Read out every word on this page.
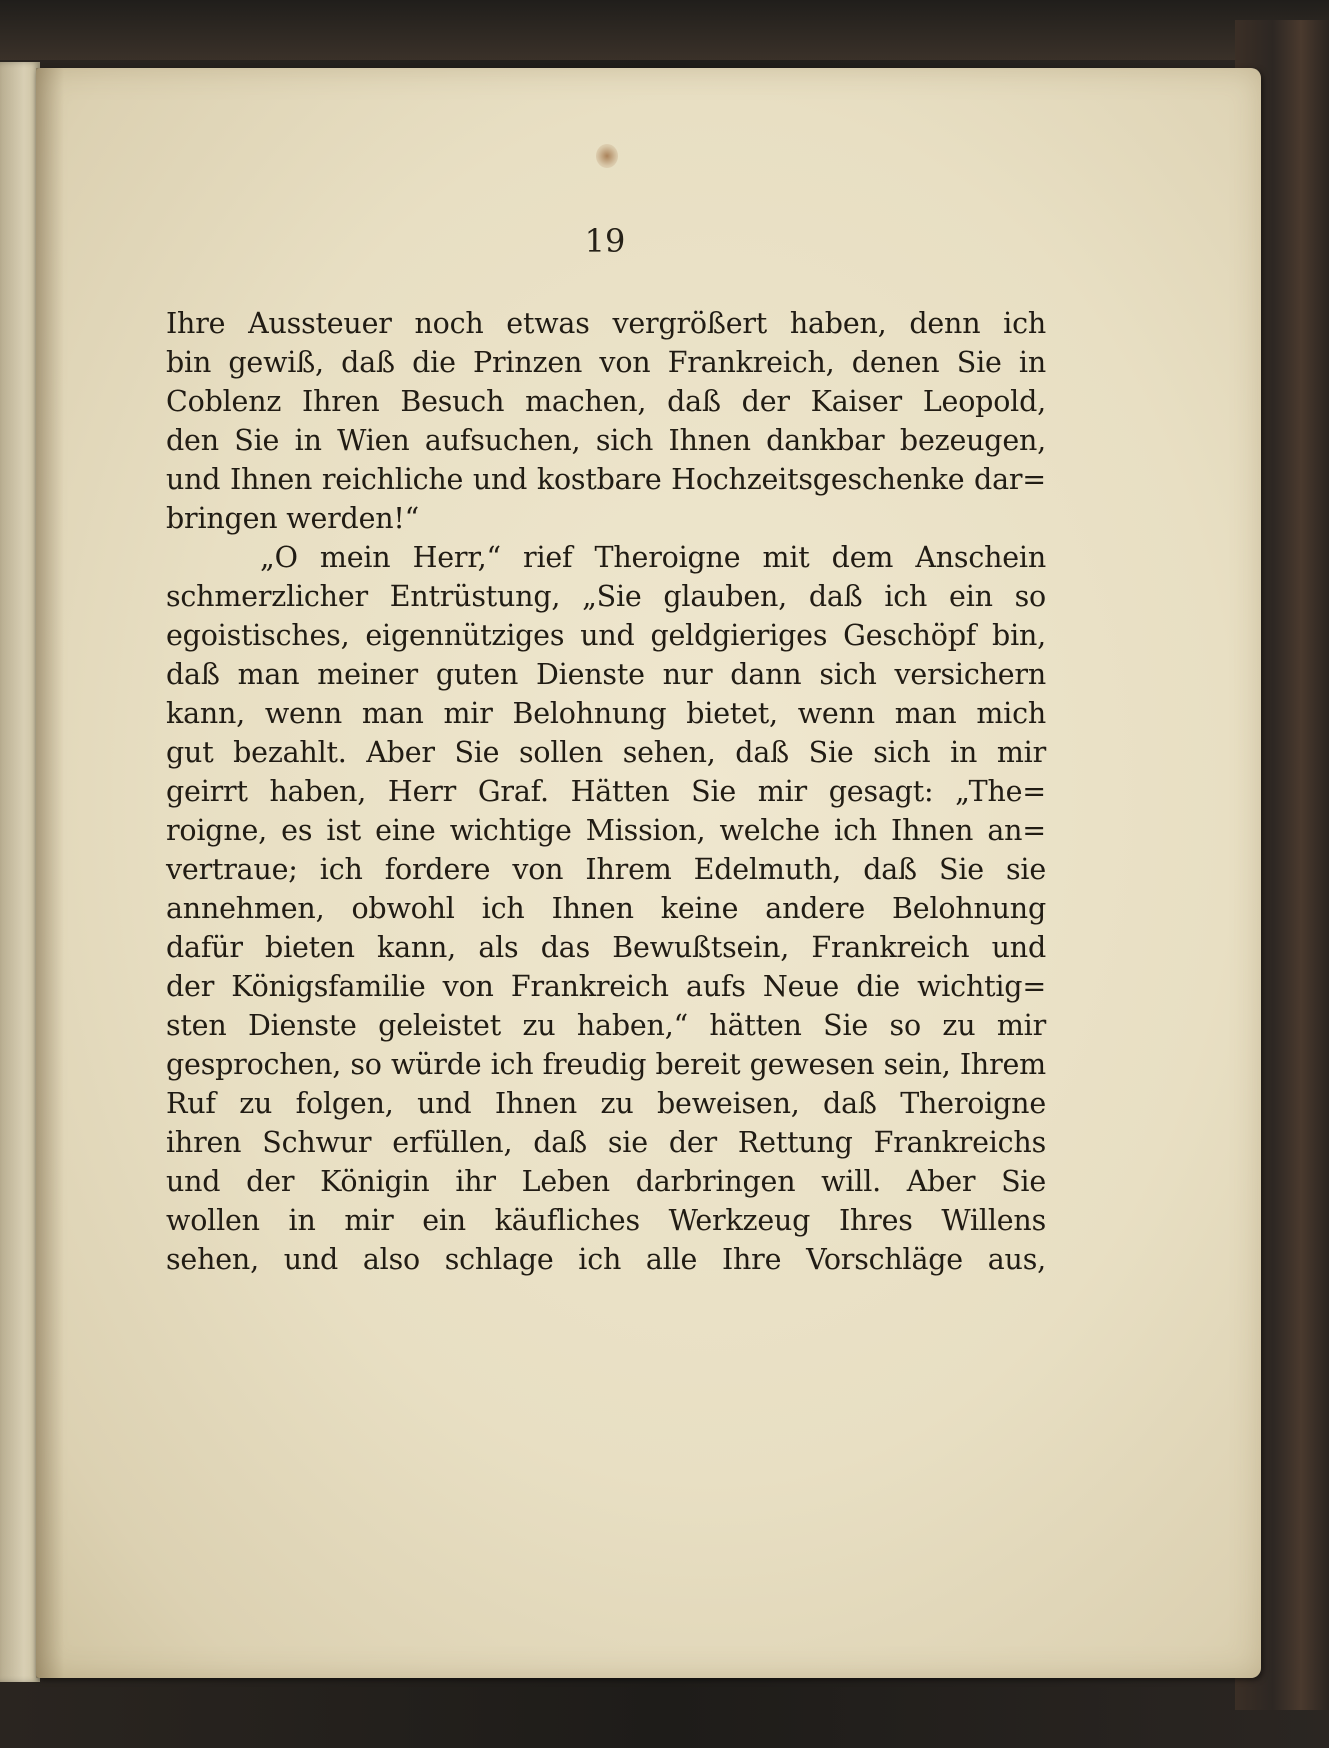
19
Ihre Aussteuer noch etwas vergrößert haben, denn ich
bin gewiß, daß die Prinzen von Frankreich, denen Sie in
Coblenz Ihren Besuch machen, daß der Kaiser Leopold,
den Sie in Wien aufsuchen, sich Ihnen dankbar bezeugen,
und Ihnen reichliche und kostbare Hochzeitsgeschenke dar=
bringen werden!“
„O mein Herr,“ rief Theroigne mit dem Anschein
schmerzlicher Entrüstung, „Sie glauben, daß ich ein so
egoistisches, eigennütziges und geldgieriges Geschöpf bin,
daß man meiner guten Dienste nur dann sich versichern
kann, wenn man mir Belohnung bietet, wenn man mich
gut bezahlt. Aber Sie sollen sehen, daß Sie sich in mir
geirrt haben, Herr Graf. Hätten Sie mir gesagt: „The=
roigne, es ist eine wichtige Mission, welche ich Ihnen an=
vertraue; ich fordere von Ihrem Edelmuth, daß Sie sie
annehmen, obwohl ich Ihnen keine andere Belohnung
dafür bieten kann, als das Bewußtsein, Frankreich und
der Königsfamilie von Frankreich aufs Neue die wichtig=
sten Dienste geleistet zu haben,“ hätten Sie so zu mir
gesprochen, so würde ich freudig bereit gewesen sein, Ihrem
Ruf zu folgen, und Ihnen zu beweisen, daß Theroigne
ihren Schwur erfüllen, daß sie der Rettung Frankreichs
und der Königin ihr Leben darbringen will. Aber Sie
wollen in mir ein käufliches Werkzeug Ihres Willens
sehen, und also schlage ich alle Ihre Vorschläge aus,
